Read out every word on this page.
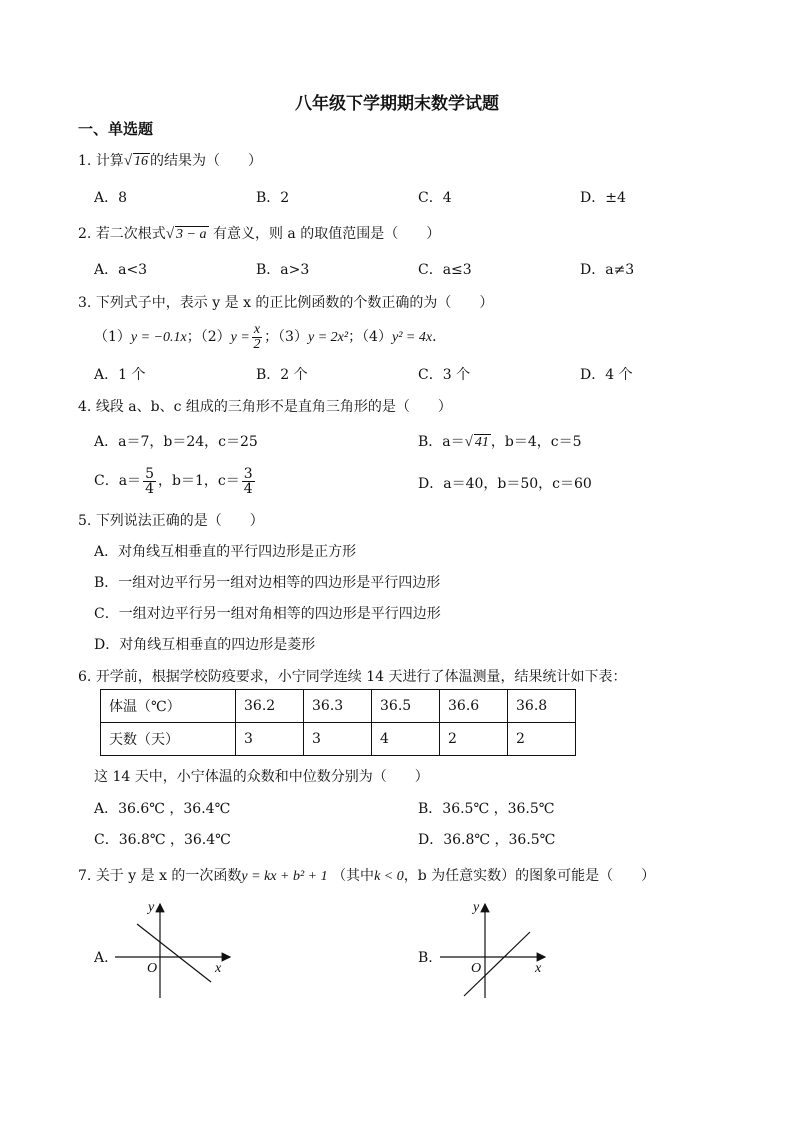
八年级下学期期末数学试题
一、单选题
1. 计算√ 16 的结果为（　　）
A．8	B．2	C．4	D．±4
2. 若二次根式√ 3 − a 有意义，则 a 的取值范围是（　　）
A．a<3	B．a>3	C．a≤3	D．a≠3
3. 下列式子中，表示 y 是 x 的正比例函数的个数正确的为（　　）
（1）y = −0.1x；$(2)y = \frac{x}{2}$ ；（3）y = 2x²；（4）y² = 4x．
A．1 个	B．2 个	C．3 个	D．4 个
4. 线段 a、b、c 组成的三角形不是直角三角形的是（　　）
A．a＝7，b＝24，c＝25	B．a＝√ 41 ，b＝4，c＝5
C．$a= \frac{5}{4}$ ，b＝1，$c= \frac{3}{4}$	D．a＝40，b＝50，c＝60
5. 下列说法正确的是（　　）
A．对角线互相垂直的平行四边形是正方形
B．一组对边平行另一组对边相等的四边形是平行四边形
C．一组对边平行另一组对角相等的四边形是平行四边形
D．对角线互相垂直的四边形是菱形
6. 开学前，根据学校防疫要求，小宁同学连续 14 天进行了体温测量，结果统计如下表：
体温（℃）	36.2	36.3	36.5	36.6	36.8
天数（天）	3	3	4	2	2
这 14 天中，小宁体温的众数和中位数分别为（　　）
A．36.6℃ ，36.4℃	B．36.5℃ ，36.5℃
C．36.8℃ ，36.4℃	D．36.8℃ ，36.5℃
7. 关于 y 是 x 的一次函数y = kx + b² + 1 （其中k < 0，b 为任意实数）的图象可能是（　　）
A.
y
x
O
B.
y
x
O
